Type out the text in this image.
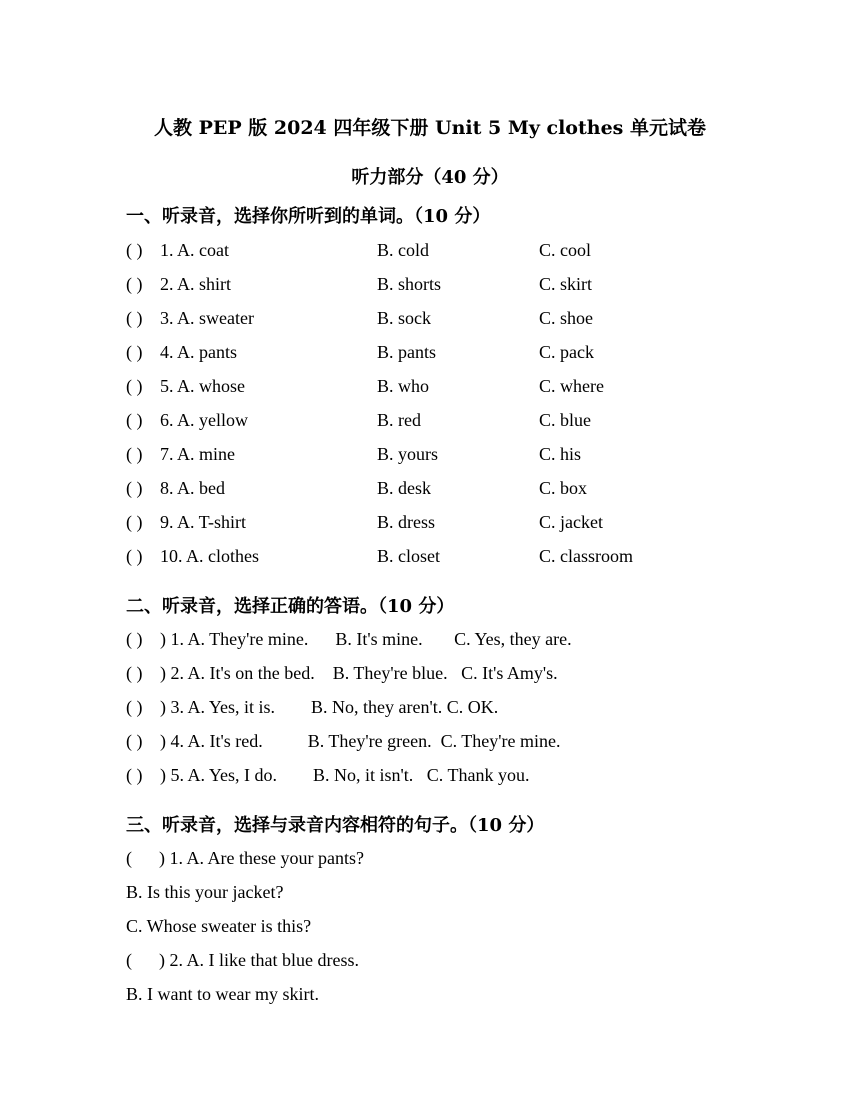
人教 PEP 版 2024 四年级下册 Unit 5 My clothes 单元试卷
听力部分（40 分）
一、听录音，选择你所听到的单词。（10 分）
( ) 1. A. coat	B. cold	C. cool
( ) 2. A. shirt	B. shorts	C. skirt
( ) 3. A. sweater	B. sock	C. shoe
( ) 4. A. pants	B. pants	C. pack
( ) 5. A. whose	B. who	C. where
( ) 6. A. yellow	B. red	C. blue
( ) 7. A. mine	B. yours	C. his
( ) 8. A. bed	B. desk	C. box
( ) 9. A. T-shirt	B. dress	C. jacket
( ) 10. A. clothes	B. closet	C. classroom
二、听录音，选择正确的答语。（10 分）
( ) ) 1. A. They're mine.      B. It's mine.       C. Yes, they are.
( ) ) 2. A. It's on the bed.    B. They're blue.   C. It's Amy's.
( ) ) 3. A. Yes, it is.        B. No, they aren't. C. OK.
( ) ) 4. A. It's red.          B. They're green.  C. They're mine.
( ) ) 5. A. Yes, I do.        B. No, it isn't.   C. Thank you.
三、听录音，选择与录音内容相符的句子。（10 分）
(      ) 1. A. Are these your pants?
B. Is this your jacket?
C. Whose sweater is this?
(      ) 2. A. I like that blue dress.
B. I want to wear my skirt.
